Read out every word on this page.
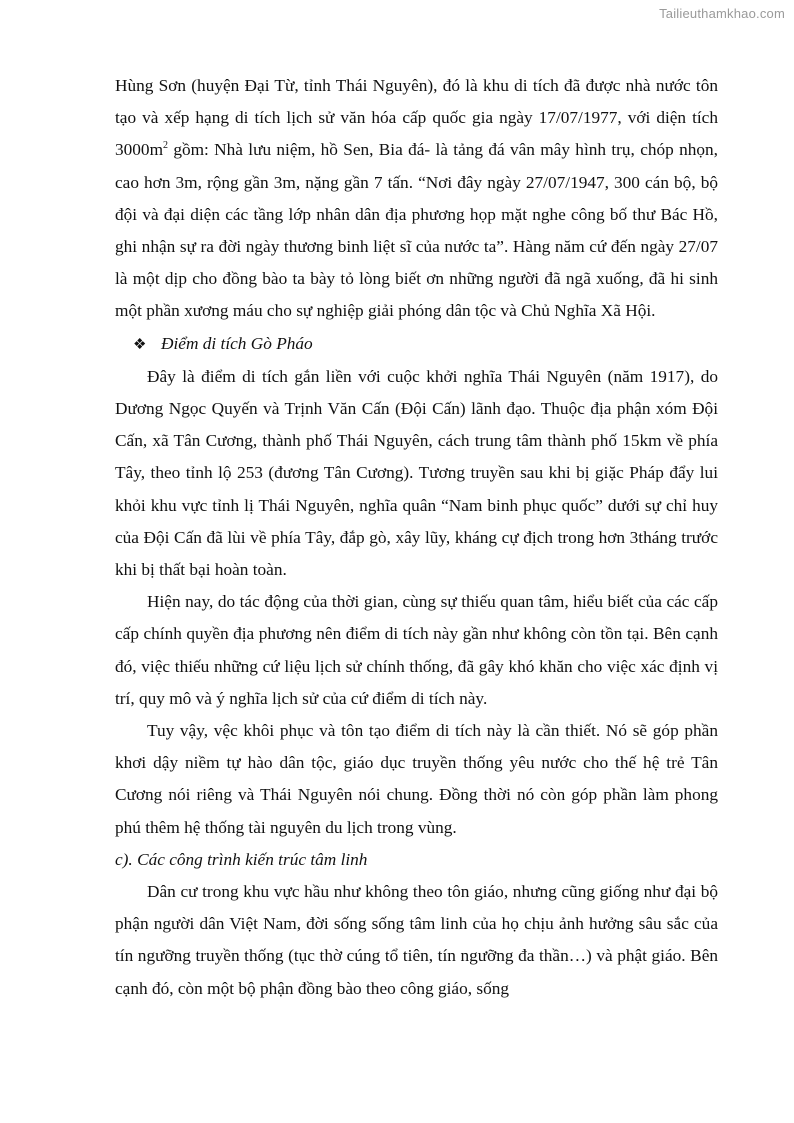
Tailieuthamkhao.com

Hùng Sơn (huyện Đại Từ, tỉnh Thái Nguyên), đó là khu di tích đã được nhà nước tôn tạo và xếp hạng di tích lịch sử văn hóa cấp quốc gia ngày 17/07/1977, với diện tích $3000m^2$ gồm: Nhà lưu niệm, hồ Sen, Bia đá- là tảng đá vân mây hình trụ, chóp nhọn, cao hơn 3m, rộng gần 3m, nặng gần 7 tấn. “Nơi đây ngày 27/07/1947, 300 cán bộ, bộ đội và đại diện các tầng lớp nhân dân địa phương họp mặt nghe công bố thư Bác Hồ, ghi nhận sự ra đời ngày thương binh liệt sĩ của nước ta”. Hàng năm cứ đến ngày 27/07 là một dịp cho đồng bào ta bày tỏ lòng biết ơn những người đã ngã xuống, đã hi sinh một phần xương máu cho sự nghiệp giải phóng dân tộc và Chủ Nghĩa Xã Hội.

❖ Điểm di tích Gò Pháo

Đây là điểm di tích gắn liền với cuộc khởi nghĩa Thái Nguyên (năm 1917), do Dương Ngọc Quyến và Trịnh Văn Cấn (Đội Cấn) lãnh đạo. Thuộc địa phận xóm Đội Cấn, xã Tân Cương, thành phố Thái Nguyên, cách trung tâm thành phố 15km về phía Tây, theo tỉnh lộ 253 (đương Tân Cương). Tương truyền sau khi bị giặc Pháp đẩy lui khỏi khu vực tỉnh lị Thái Nguyên, nghĩa quân “Nam binh phục quốc” dưới sự chỉ huy của Đội Cấn đã lùi về phía Tây, đắp gò, xây lũy, kháng cự địch trong hơn 3tháng trước khi bị thất bại hoàn toàn.

Hiện nay, do tác động của thời gian, cùng sự thiếu quan tâm, hiểu biết của các cấp cấp chính quyền địa phương nên điểm di tích này gần như không còn tồn tại. Bên cạnh đó, việc thiếu những cứ liệu lịch sử chính thống, đã gây khó khăn cho việc xác định vị trí, quy mô và ý nghĩa lịch sử của cứ điểm di tích này.

Tuy vậy, vệc khôi phục và tôn tạo điểm di tích này là cần thiết. Nó sẽ góp phần khơi dậy niềm tự hào dân tộc, giáo dục truyền thống yêu nước cho thế hệ trẻ Tân Cương nói riêng và Thái Nguyên nói chung. Đồng thời nó còn góp phần làm phong phú thêm hệ thống tài nguyên du lịch trong vùng.

c). Các công trình kiến trúc tâm linh

Dân cư trong khu vực hầu như không theo tôn giáo, nhưng cũng giống như đại bộ phận người dân Việt Nam, đời sống sống tâm linh của họ chịu ảnh hưởng sâu sắc của tín ngưỡng truyền thống (tục thờ cúng tổ tiên, tín ngưỡng đa thần…) và phật giáo. Bên cạnh đó, còn một bộ phận đồng bào theo công giáo, sống
